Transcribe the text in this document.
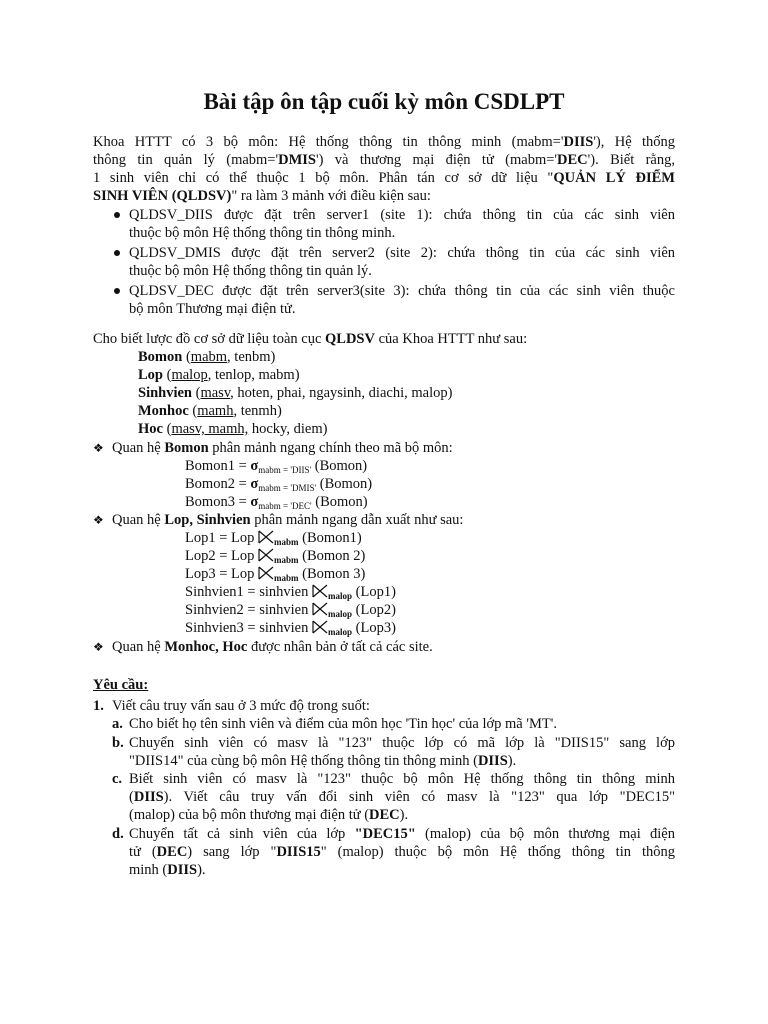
Bài tập ôn tập cuối kỳ môn CSDLPT
Khoa HTTT có 3 bộ môn: Hệ thống thông tin thông minh (mabm='DIIS'), Hệ thống
thông tin quản lý (mabm='DMIS') và thương mại điện tử (mabm='DEC'). Biết rằng,
1 sinh viên chỉ có thể thuộc 1 bộ môn. Phân tán cơ sở dữ liệu "QUẢN LÝ ĐIỂM
SINH VIÊN (QLDSV)" ra làm 3 mảnh với điều kiện sau:
QLDSV_DIIS được đặt trên server1 (site 1): chứa thông tin của các sinh viên
thuộc bộ môn Hệ thống thông tin thông minh.
QLDSV_DMIS được đặt trên server2 (site 2): chứa thông tin của các sinh viên
thuộc bộ môn Hệ thống thông tin quản lý.
QLDSV_DEC được đặt trên server3(site 3): chứa thông tin của các sinh viên thuộc
bộ môn Thương mại điện tử.
Cho biết lược đồ cơ sở dữ liệu toàn cục QLDSV của Khoa HTTT như sau:
Bomon (mabm, tenbm)
Lop (malop, tenlop, mabm)
Sinhvien (masv, hoten, phai, ngaysinh, diachi, malop)
Monhoc (mamh, tenmh)
Hoc (masv, mamh, hocky, diem)
❖ Quan hệ Bomon phân mảnh ngang chính theo mã bộ môn:
Bomon1 = $\sigma_{mabm = 'DIIS'}$ (Bomon)
Bomon2 = $\sigma_{mabm = 'DMIS'}$ (Bomon)
Bomon3 = $\sigma_{mabm = 'DEC'}$ (Bomon)
❖ Quan hệ Lop, Sinhvien phân mảnh ngang dẫn xuất như sau:
Lop1 = Lop
$_{mabm}$ (Bomon1)
Lop2 = Lop
$_{mabm}$ (Bomon 2)
Lop3 = Lop
$_{mabm}$ (Bomon 3)
Sinhvien1 = sinhvien
$_{malop}$ (Lop1)
Sinhvien2 = sinhvien
$_{malop}$ (Lop2)
Sinhvien3 = sinhvien
$_{malop}$ (Lop3)
❖ Quan hệ Monhoc, Hoc được nhân bản ở tất cả các site.
Yêu cầu:
1. Viết câu truy vấn sau ở 3 mức độ trong suốt:
a. Cho biết họ tên sinh viên và điểm của môn học 'Tin học' của lớp mã 'MT'.
b. Chuyển sinh viên có masv là "123" thuộc lớp có mã lớp là "DIIS15" sang lớp
"DIIS14" của cùng bộ môn Hệ thống thông tin thông minh (DIIS).
c. Biết sinh viên có masv là "123" thuộc bộ môn Hệ thống thông tin thông minh
(DIIS). Viết câu truy vấn đổi sinh viên có masv là "123" qua lớp "DEC15"
(malop) của bộ môn thương mại điện tử (DEC).
d. Chuyển tất cả sinh viên của lớp "DEC15" (malop) của bộ môn thương mại điện
tử (DEC) sang lớp "DIIS15" (malop) thuộc bộ môn Hệ thống thông tin thông
minh (DIIS).
